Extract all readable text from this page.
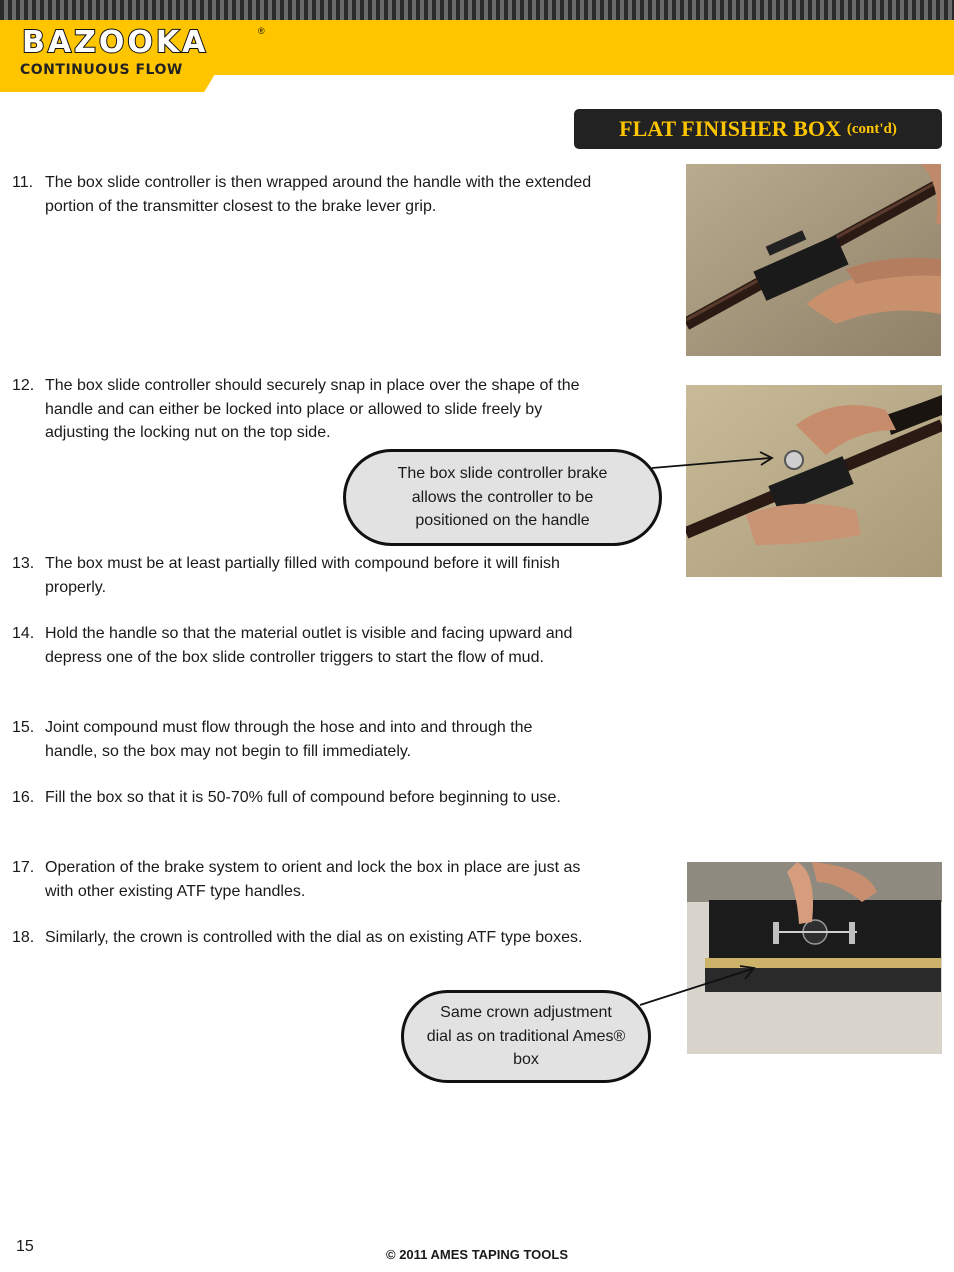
BAZOOKA	®
CONTINUOUS FLOW
FLAT FINISHER BOX (cont'd)
11. The box slide controller is then wrapped around the handle with the extended portion of the transmitter closest to the brake lever grip.
12. The box slide controller should securely snap in place over the shape of the handle and can either be locked into place or allowed to slide freely by adjusting the locking nut on the top side.
13. The box must be at least partially filled with compound before it will finish properly.
14. Hold the handle so that the material outlet is visible and facing upward and depress one of the box slide controller triggers to start the flow of mud.
15. Joint compound must flow through the hose and into and through the handle, so the box may not begin to fill immediately.
16. Fill the box so that it is 50-70% full of compound before beginning to use.
17. Operation of the brake system to orient and lock the box in place are just as with other existing ATF type handles.
18. Similarly, the crown is controlled with the dial as on existing ATF type boxes.
The box slide controller brake allows the controller to be positioned on the handle
Same crown adjustment dial as on traditional Ames® box
15	© 2011 AMES TAPING TOOLS
